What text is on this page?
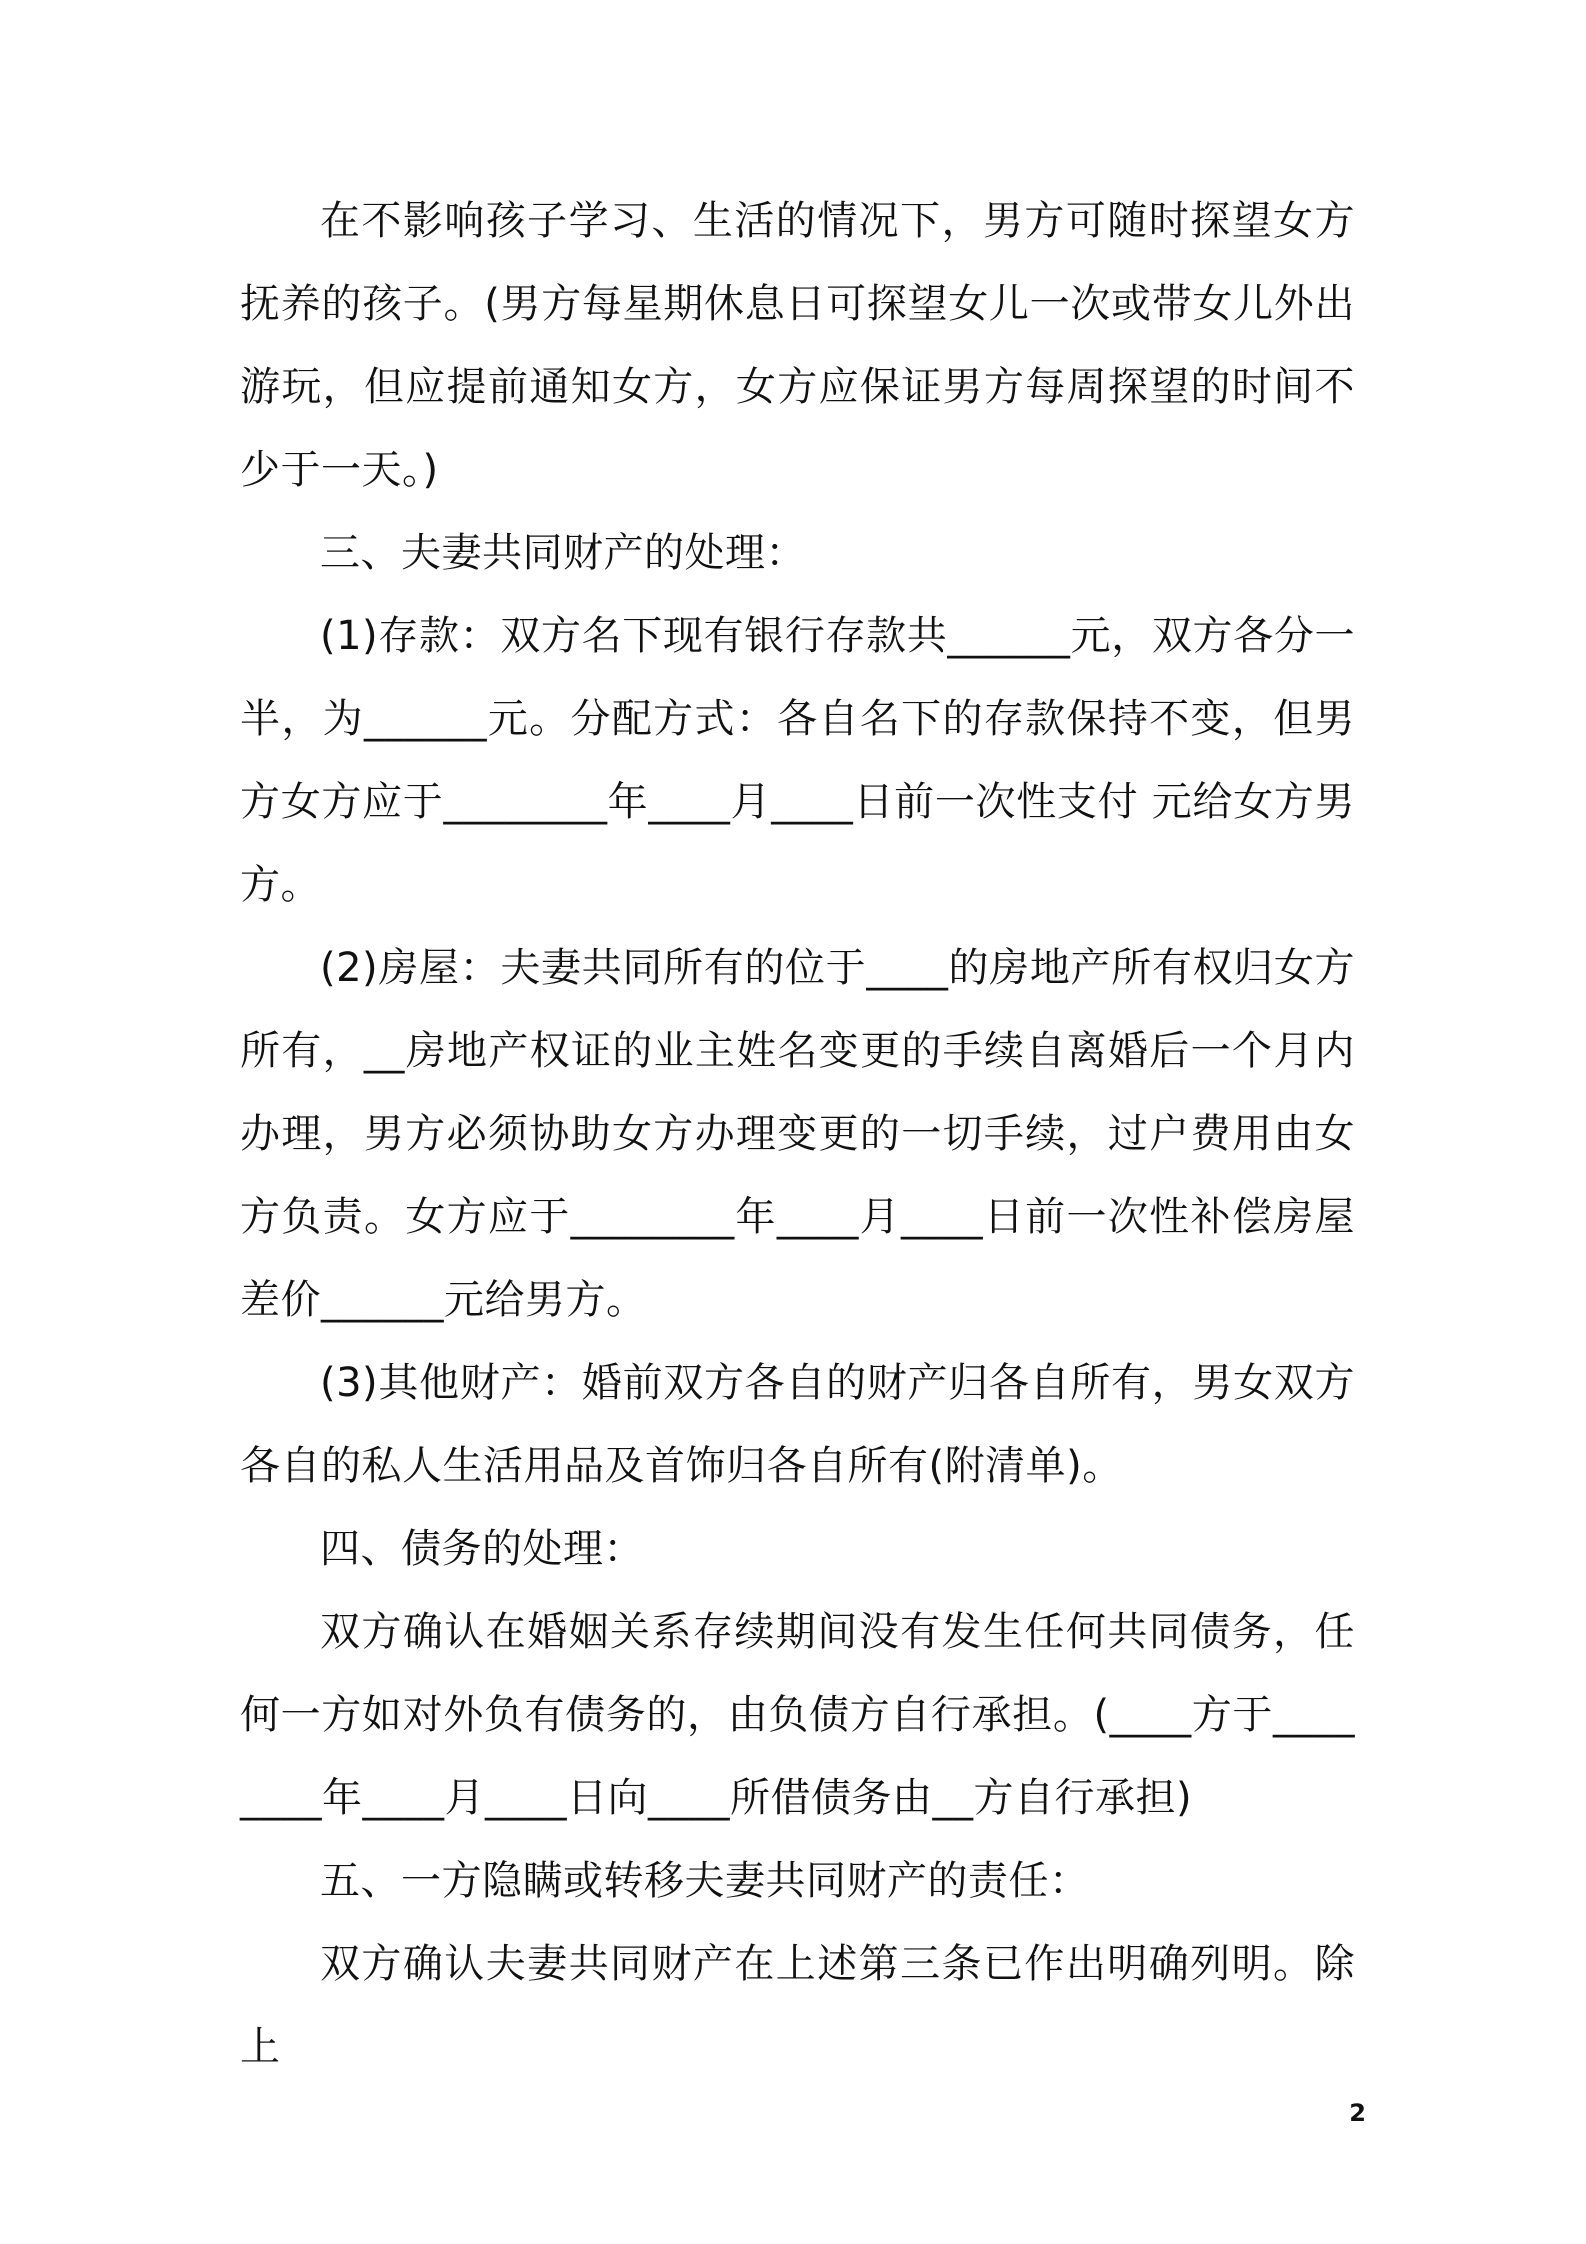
在不影响孩子学习、生活的情况下，男方可随时探望女方抚养的孩子。(男方每星期休息日可探望女儿一次或带女儿外出游玩，但应提前通知女方，女方应保证男方每周探望的时间不少于一天。)

三、夫妻共同财产的处理：

(1)存款：双方名下现有银行存款共______元，双方各分一半，为______元。分配方式：各自名下的存款保持不变，但男方女方应于________年____月____日前一次性支付 元给女方男方。

(2)房屋：夫妻共同所有的位于____的房地产所有权归女方所有，__房地产权证的业主姓名变更的手续自离婚后一个月内办理，男方必须协助女方办理变更的一切手续，过户费用由女方负责。女方应于________年____月____日前一次性补偿房屋差价______元给男方。

(3)其他财产：婚前双方各自的财产归各自所有，男女双方各自的私人生活用品及首饰归各自所有(附清单)。

四、债务的处理：

双方确认在婚姻关系存续期间没有发生任何共同债务，任何一方如对外负有债务的，由负债方自行承担。(____方于________年____月____日向____所借债务由__方自行承担)

五、一方隐瞒或转移夫妻共同财产的责任：

双方确认夫妻共同财产在上述第三条已作出明确列明。除上

2
